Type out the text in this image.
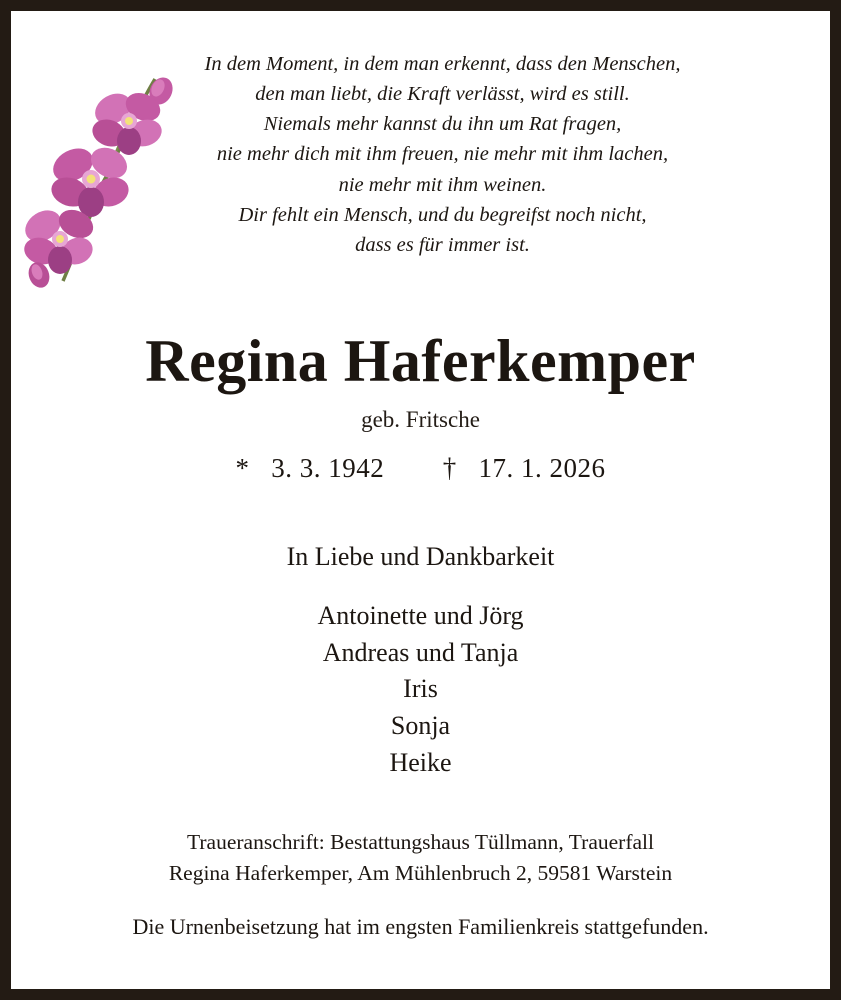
In dem Moment, in dem man erkennt, dass den Menschen,
den man liebt, die Kraft verlässt, wird es still.
Niemals mehr kannst du ihn um Rat fragen,
nie mehr dich mit ihm freuen, nie mehr mit ihm lachen,
nie mehr mit ihm weinen.
Dir fehlt ein Mensch, und du begreifst noch nicht,
dass es für immer ist.
Regina Haferkemper
geb. Fritsche
* 3. 3. 1942 † 17. 1. 2026
In Liebe und Dankbarkeit
Antoinette und Jörg
Andreas und Tanja
Iris
Sonja
Heike
Traueranschrift: Bestattungshaus Tüllmann, Trauerfall
Regina Haferkemper, Am Mühlenbruch 2, 59581 Warstein
Die Urnenbeisetzung hat im engsten Familienkreis stattgefunden.
